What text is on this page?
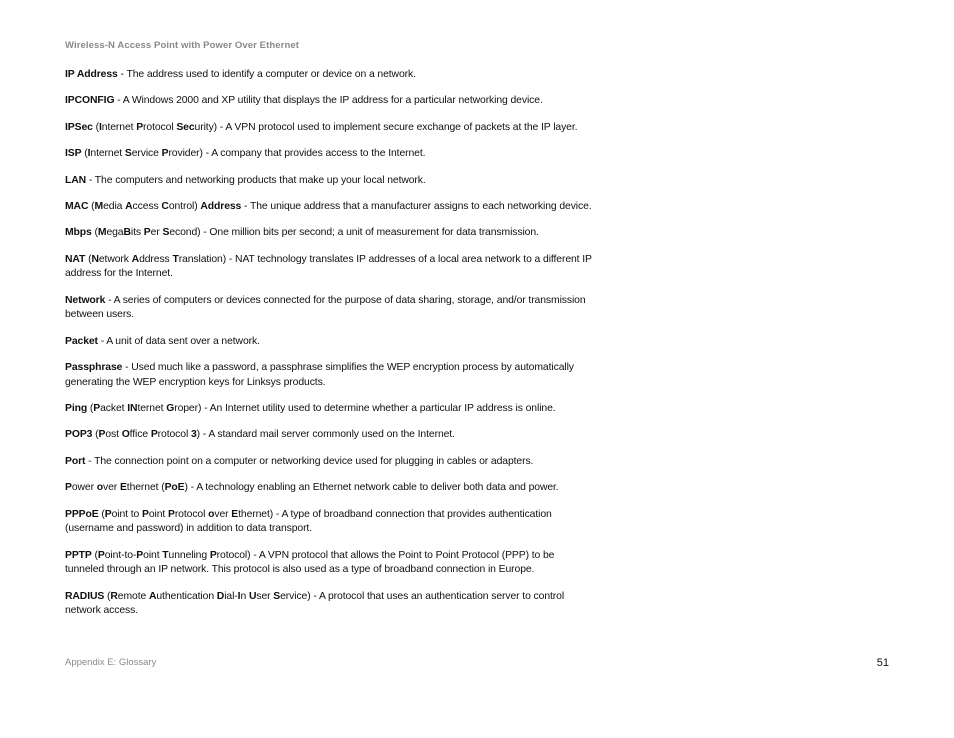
Wireless-N Access Point with Power Over Ethernet

IP Address - The address used to identify a computer or device on a network.

IPCONFIG - A Windows 2000 and XP utility that displays the IP address for a particular networking device.

IPSec (Internet Protocol Security) - A VPN protocol used to implement secure exchange of packets at the IP layer.

ISP (Internet Service Provider) - A company that provides access to the Internet.

LAN - The computers and networking products that make up your local network.

MAC (Media Access Control) Address - The unique address that a manufacturer assigns to each networking device.

Mbps (MegaBits Per Second) - One million bits per second; a unit of measurement for data transmission.

NAT (Network Address Translation) - NAT technology translates IP addresses of a local area network to a different IP address for the Internet.

Network - A series of computers or devices connected for the purpose of data sharing, storage, and/or transmission between users.

Packet - A unit of data sent over a network.

Passphrase - Used much like a password, a passphrase simplifies the WEP encryption process by automatically generating the WEP encryption keys for Linksys products.

Ping (Packet INternet Groper) - An Internet utility used to determine whether a particular IP address is online.

POP3 (Post Office Protocol 3) - A standard mail server commonly used on the Internet.

Port - The connection point on a computer or networking device used for plugging in cables or adapters.

Power over Ethernet (PoE) - A technology enabling an Ethernet network cable to deliver both data and power.

PPPoE (Point to Point Protocol over Ethernet) - A type of broadband connection that provides authentication (username and password) in addition to data transport.

PPTP (Point-to-Point Tunneling Protocol) - A VPN protocol that allows the Point to Point Protocol (PPP) to be tunneled through an IP network. This protocol is also used as a type of broadband connection in Europe.

RADIUS (Remote Authentication Dial-In User Service) - A protocol that uses an authentication server to control network access.

Appendix E: Glossary	51
